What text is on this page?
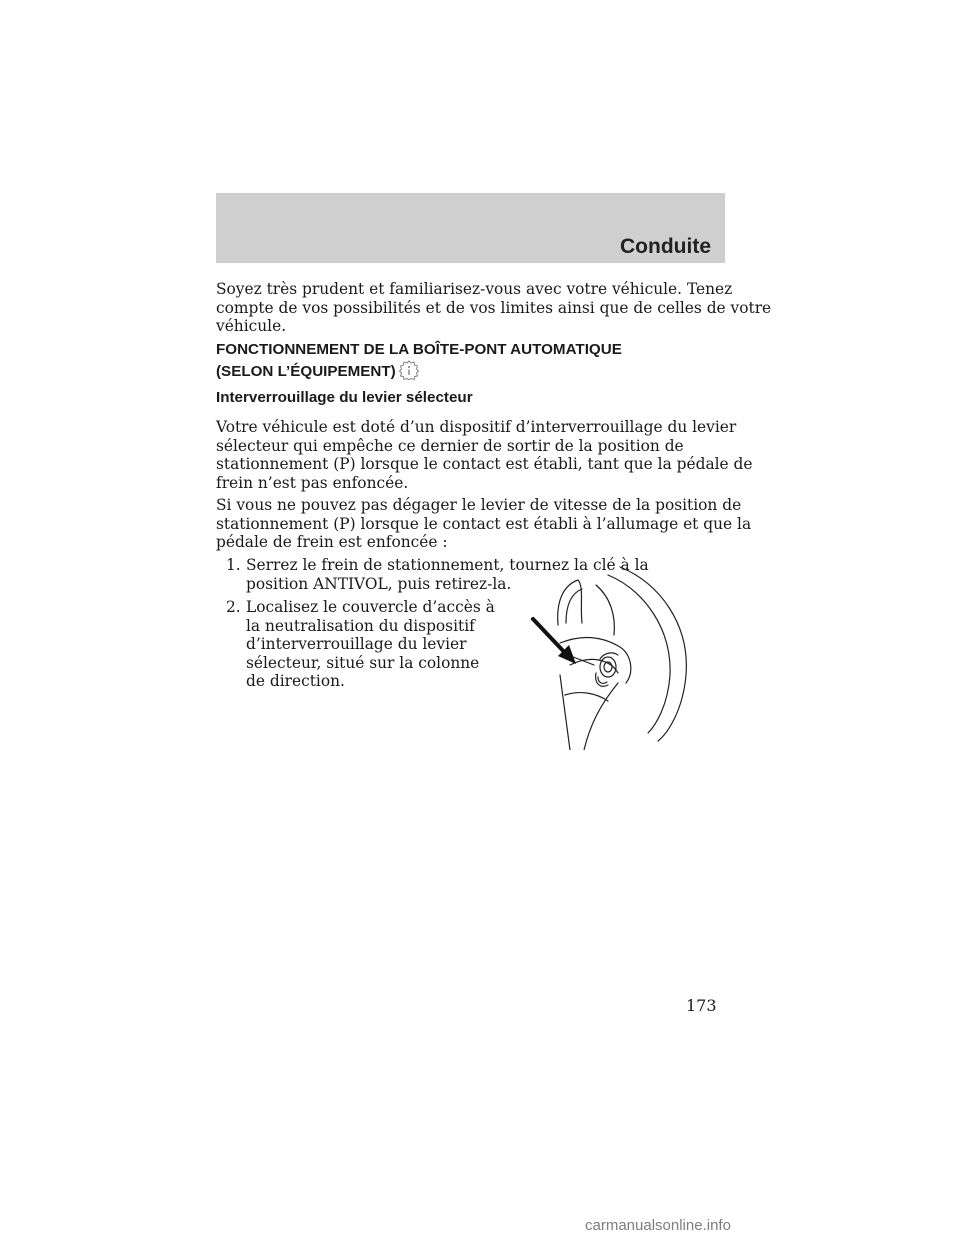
Conduite

Soyez très prudent et familiarisez-vous avec votre véhicule. Tenez
compte de vos possibilités et de vos limites ainsi que de celles de votre
véhicule.

FONCTIONNEMENT DE LA BOÎTE-PONT AUTOMATIQUE
(SELON L’ÉQUIPEMENT)
Interverrouillage du levier sélecteur

Votre véhicule est doté d’un dispositif d’interverrouillage du levier
sélecteur qui empêche ce dernier de sortir de la position de
stationnement (P) lorsque le contact est établi, tant que la pédale de
frein n’est pas enfoncée.

Si vous ne pouvez pas dégager le levier de vitesse de la position de
stationnement (P) lorsque le contact est établi à l’allumage et que la
pédale de frein est enfoncée :

1. Serrez le frein de stationnement, tournez la clé à la
position ANTIVOL, puis retirez-la.
2. Localisez le couvercle d’accès à
la neutralisation du dispositif
d’interverrouillage du levier
sélecteur, situé sur la colonne
de direction.
173
carmanualsonline.info
